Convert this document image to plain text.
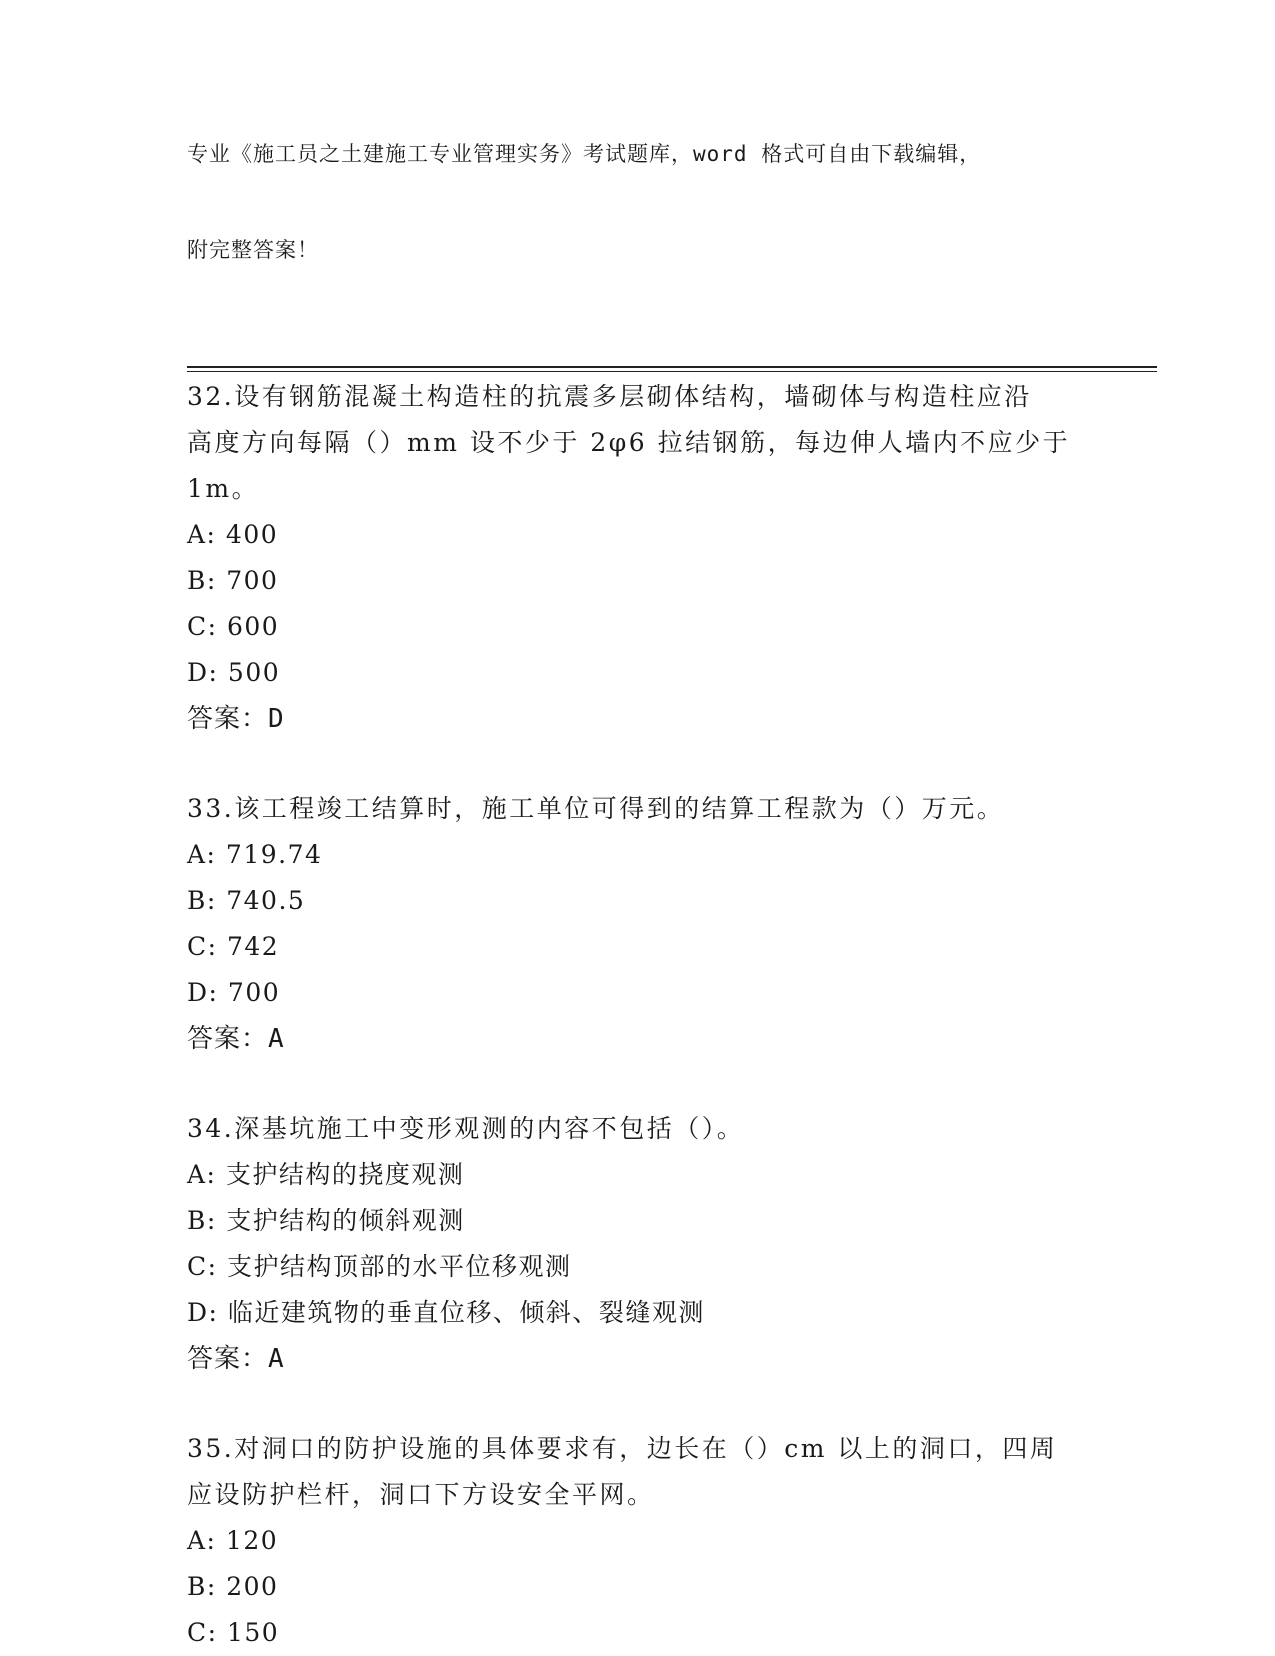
专业《施工员之土建施工专业管理实务》考试题库，word 格式可自由下载编辑，

附完整答案！

32.设有钢筋混凝土构造柱的抗震多层砌体结构，墙砌体与构造柱应沿

高度方向每隔（）mm 设不少于 2φ6 拉结钢筋，每边伸人墙内不应少于

1m。

A: 400

B: 700

C: 600

D: 500

答案：D

33.该工程竣工结算时，施工单位可得到的结算工程款为（）万元。

A: 719.74

B: 740.5

C: 742

D: 700

答案：A

34.深基坑施工中变形观测的内容不包括（）。

A: 支护结构的挠度观测

B: 支护结构的倾斜观测

C: 支护结构顶部的水平位移观测

D: 临近建筑物的垂直位移、倾斜、裂缝观测

答案：A

35.对洞口的防护设施的具体要求有，边长在（）cm 以上的洞口，四周

应设防护栏杆，洞口下方设安全平网。

A: 120

B: 200

C: 150
